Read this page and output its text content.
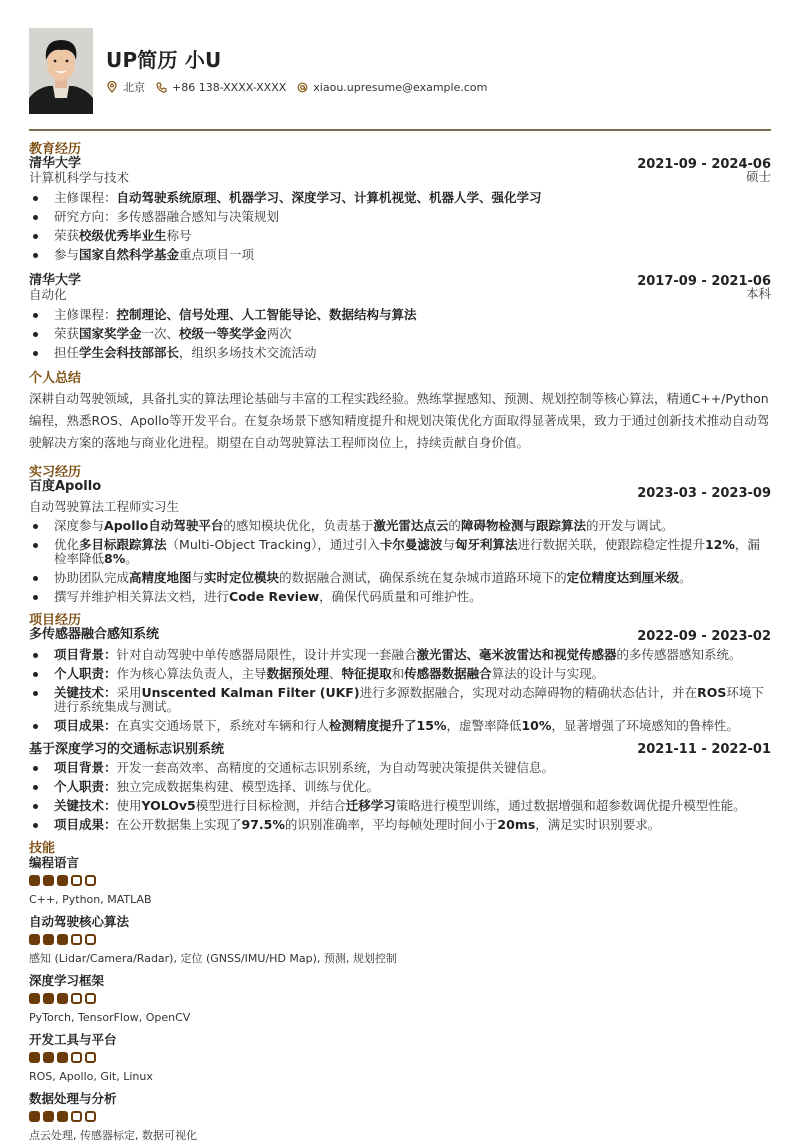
UP简历 小U
北京 +86 138-XXXX-XXXX xiaou.upresume@example.com
教育经历
清华大学	2021-09 - 2024-06
计算机科学与技术	硕士
主修课程：自动驾驶系统原理、机器学习、深度学习、计算机视觉、机器人学、强化学习
研究方向：多传感器融合感知与决策规划
荣获校级优秀毕业生称号
参与国家自然科学基金重点项目一项
清华大学	2017-09 - 2021-06
自动化	本科
主修课程：控制理论、信号处理、人工智能导论、数据结构与算法
荣获国家奖学金一次、校级一等奖学金两次
担任学生会科技部部长，组织多场技术交流活动
个人总结
深耕自动驾驶领域，具备扎实的算法理论基础与丰富的工程实践经验。熟练掌握感知、预测、规划控制等核心算法，精通C++/Python编程，熟悉ROS、Apollo等开发平台。在复杂场景下感知精度提升和规划决策优化方面取得显著成果，致力于通过创新技术推动自动驾驶解决方案的落地与商业化进程。期望在自动驾驶算法工程师岗位上，持续贡献自身价值。
实习经历
百度Apollo	2023-03 - 2023-09
自动驾驶算法工程师实习生
深度参与Apollo自动驾驶平台的感知模块优化，负责基于激光雷达点云的障碍物检测与跟踪算法的开发与调试。
优化多目标跟踪算法（Multi-Object Tracking），通过引入卡尔曼滤波与匈牙利算法进行数据关联，使跟踪稳定性提升12%，漏检率降低8%。
协助团队完成高精度地图与实时定位模块的数据融合测试，确保系统在复杂城市道路环境下的定位精度达到厘米级。
撰写并维护相关算法文档，进行Code Review，确保代码质量和可维护性。
项目经历
多传感器融合感知系统	2022-09 - 2023-02
项目背景：针对自动驾驶中单传感器局限性，设计并实现一套融合激光雷达、毫米波雷达和视觉传感器的多传感器感知系统。
个人职责：作为核心算法负责人，主导数据预处理、特征提取和传感器数据融合算法的设计与实现。
关键技术：采用Unscented Kalman Filter (UKF)进行多源数据融合，实现对动态障碍物的精确状态估计，并在ROS环境下进行系统集成与测试。
项目成果：在真实交通场景下，系统对车辆和行人检测精度提升了15%，虚警率降低10%，显著增强了环境感知的鲁棒性。
基于深度学习的交通标志识别系统	2021-11 - 2022-01
项目背景：开发一套高效率、高精度的交通标志识别系统，为自动驾驶决策提供关键信息。
个人职责：独立完成数据集构建、模型选择、训练与优化。
关键技术：使用YOLOv5模型进行目标检测，并结合迁移学习策略进行模型训练，通过数据增强和超参数调优提升模型性能。
项目成果：在公开数据集上实现了97.5%的识别准确率，平均每帧处理时间小于20ms，满足实时识别要求。
技能
编程语言
C++, Python, MATLAB
自动驾驶核心算法
感知 (Lidar/Camera/Radar), 定位 (GNSS/IMU/HD Map), 预测, 规划控制
深度学习框架
PyTorch, TensorFlow, OpenCV
开发工具与平台
ROS, Apollo, Git, Linux
数据处理与分析
点云处理, 传感器标定, 数据可视化
